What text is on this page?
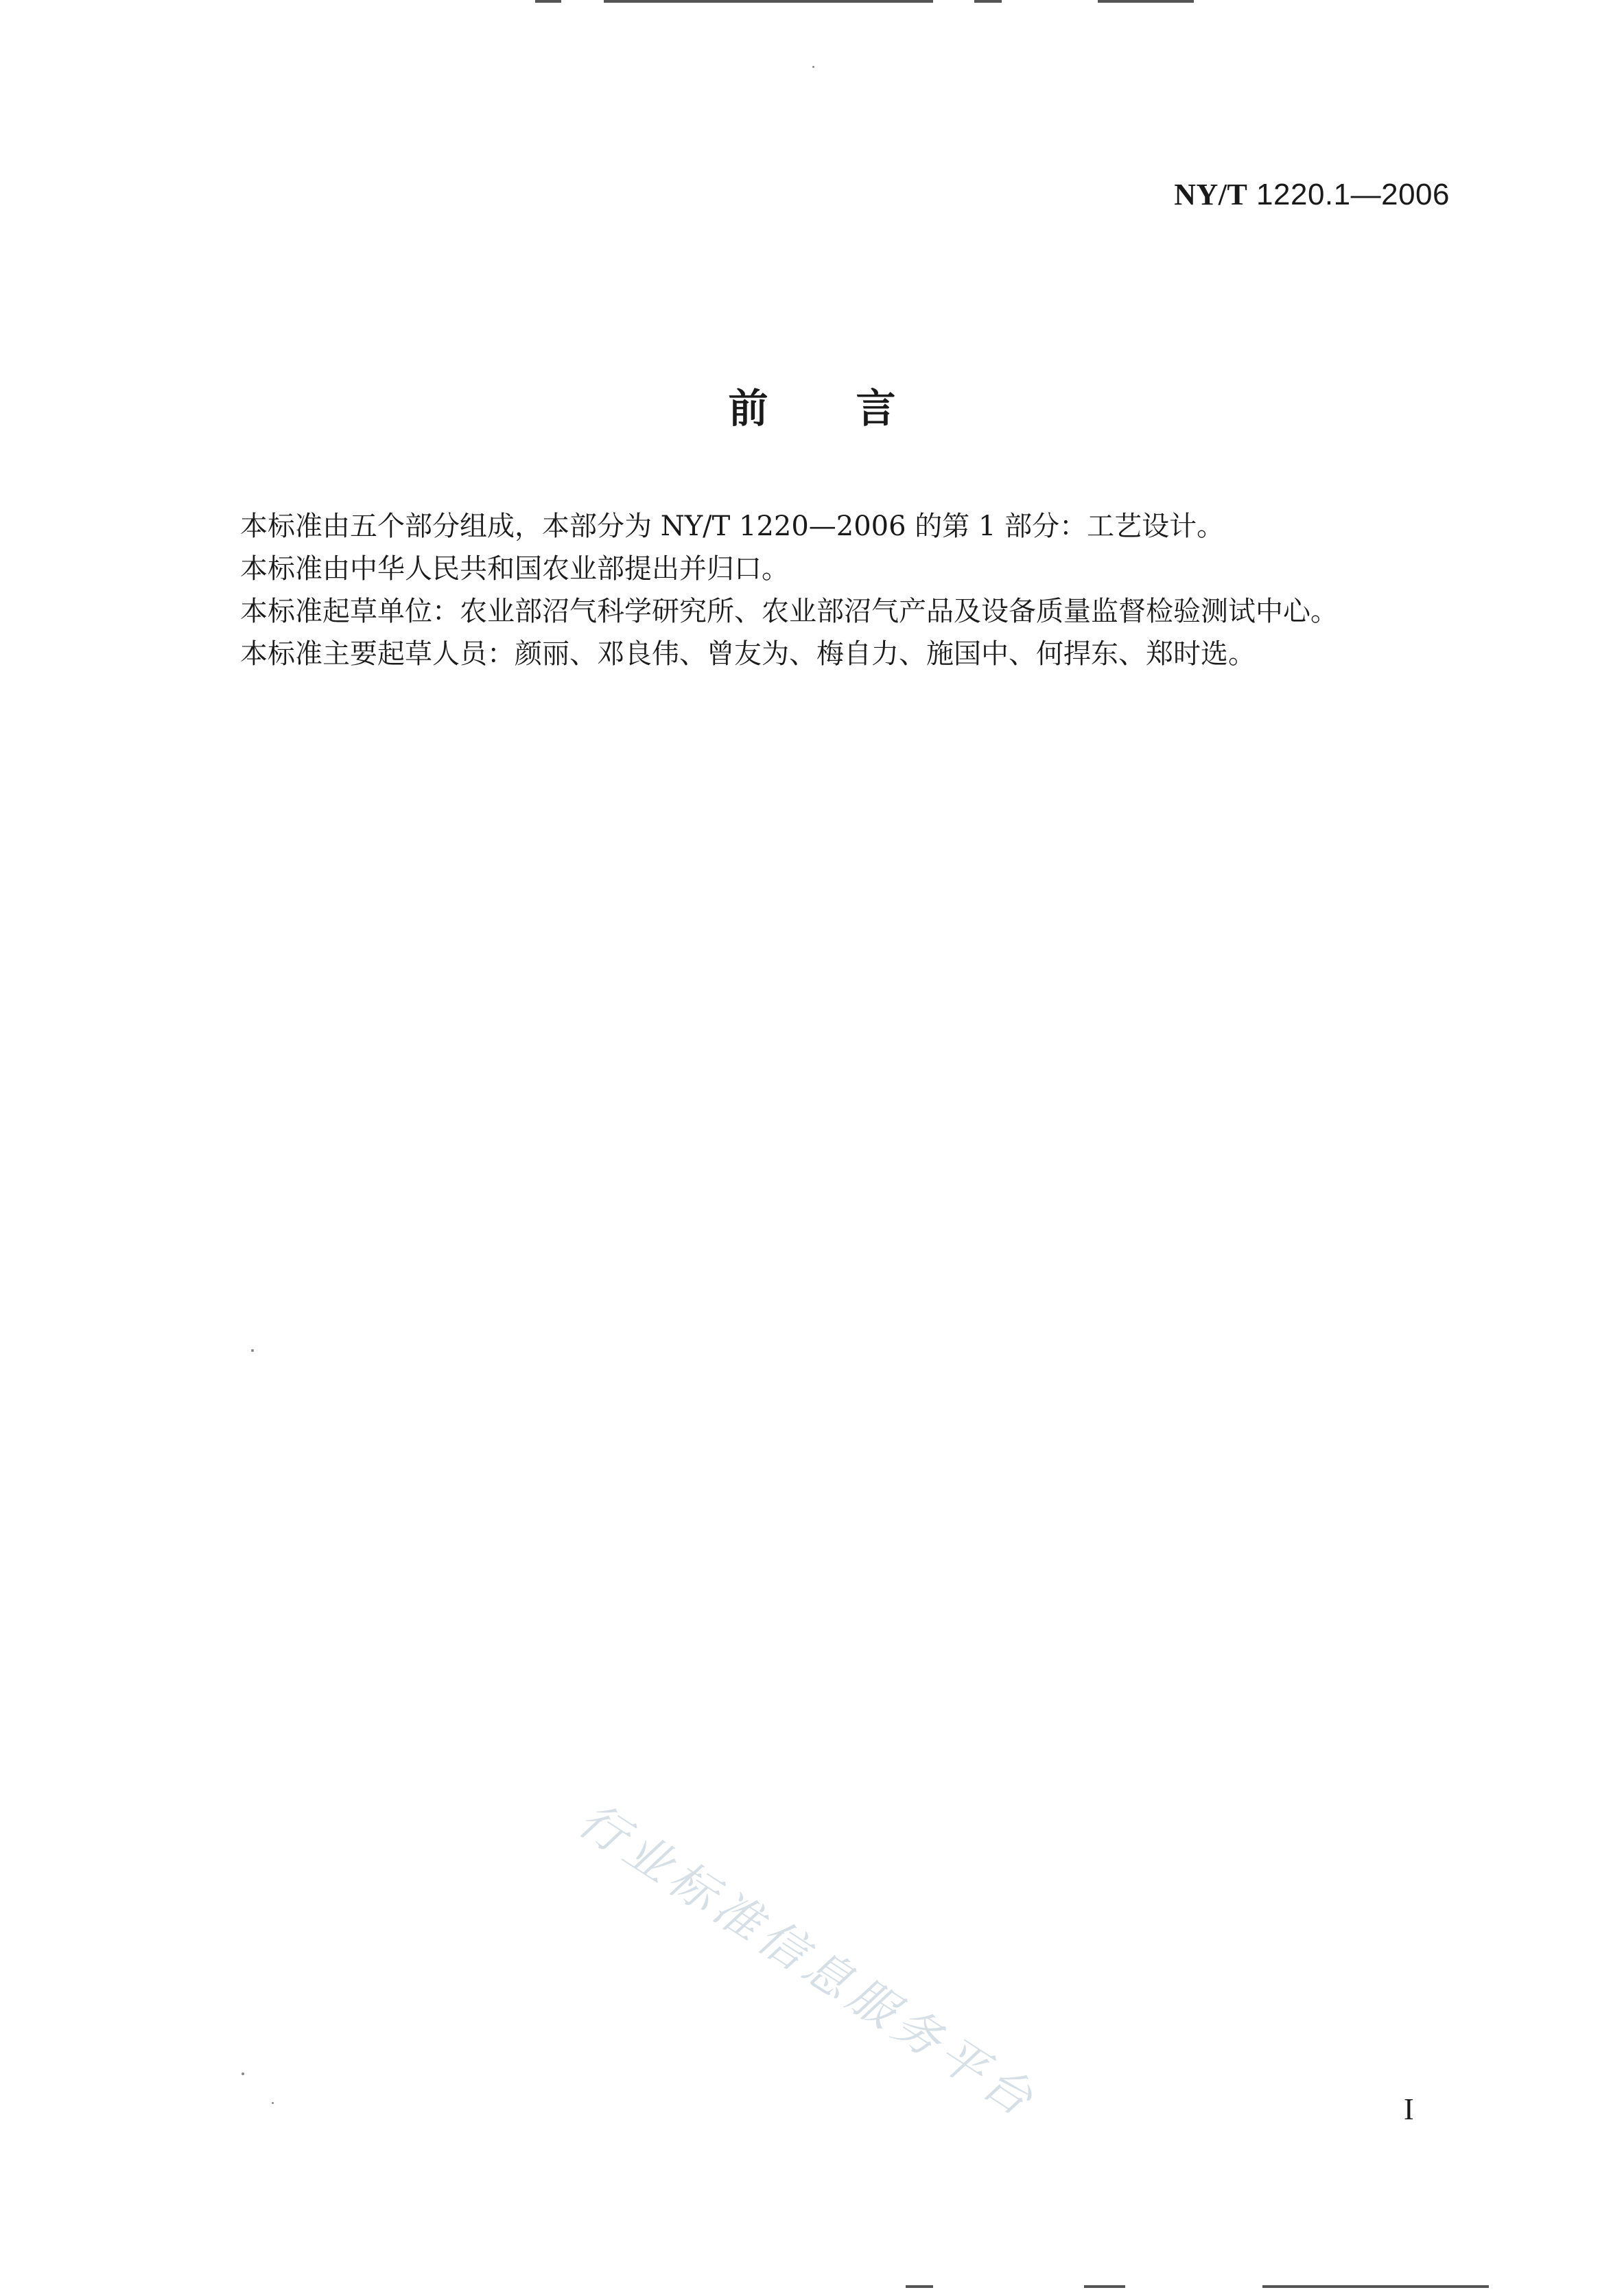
NY/T 1220.1—2006
前言

本标准由五个部分组成，本部分为 NY/T 1220—2006 的第 1 部分：工艺设计。

本标准由中华人民共和国农业部提出并归口。

本标准起草单位：农业部沼气科学研究所、农业部沼气产品及设备质量监督检验测试中心。

本标准主要起草人员：颜丽、邓良伟、曾友为、梅自力、施国中、何捍东、郑时选。

行业标准信息服务平台	I
